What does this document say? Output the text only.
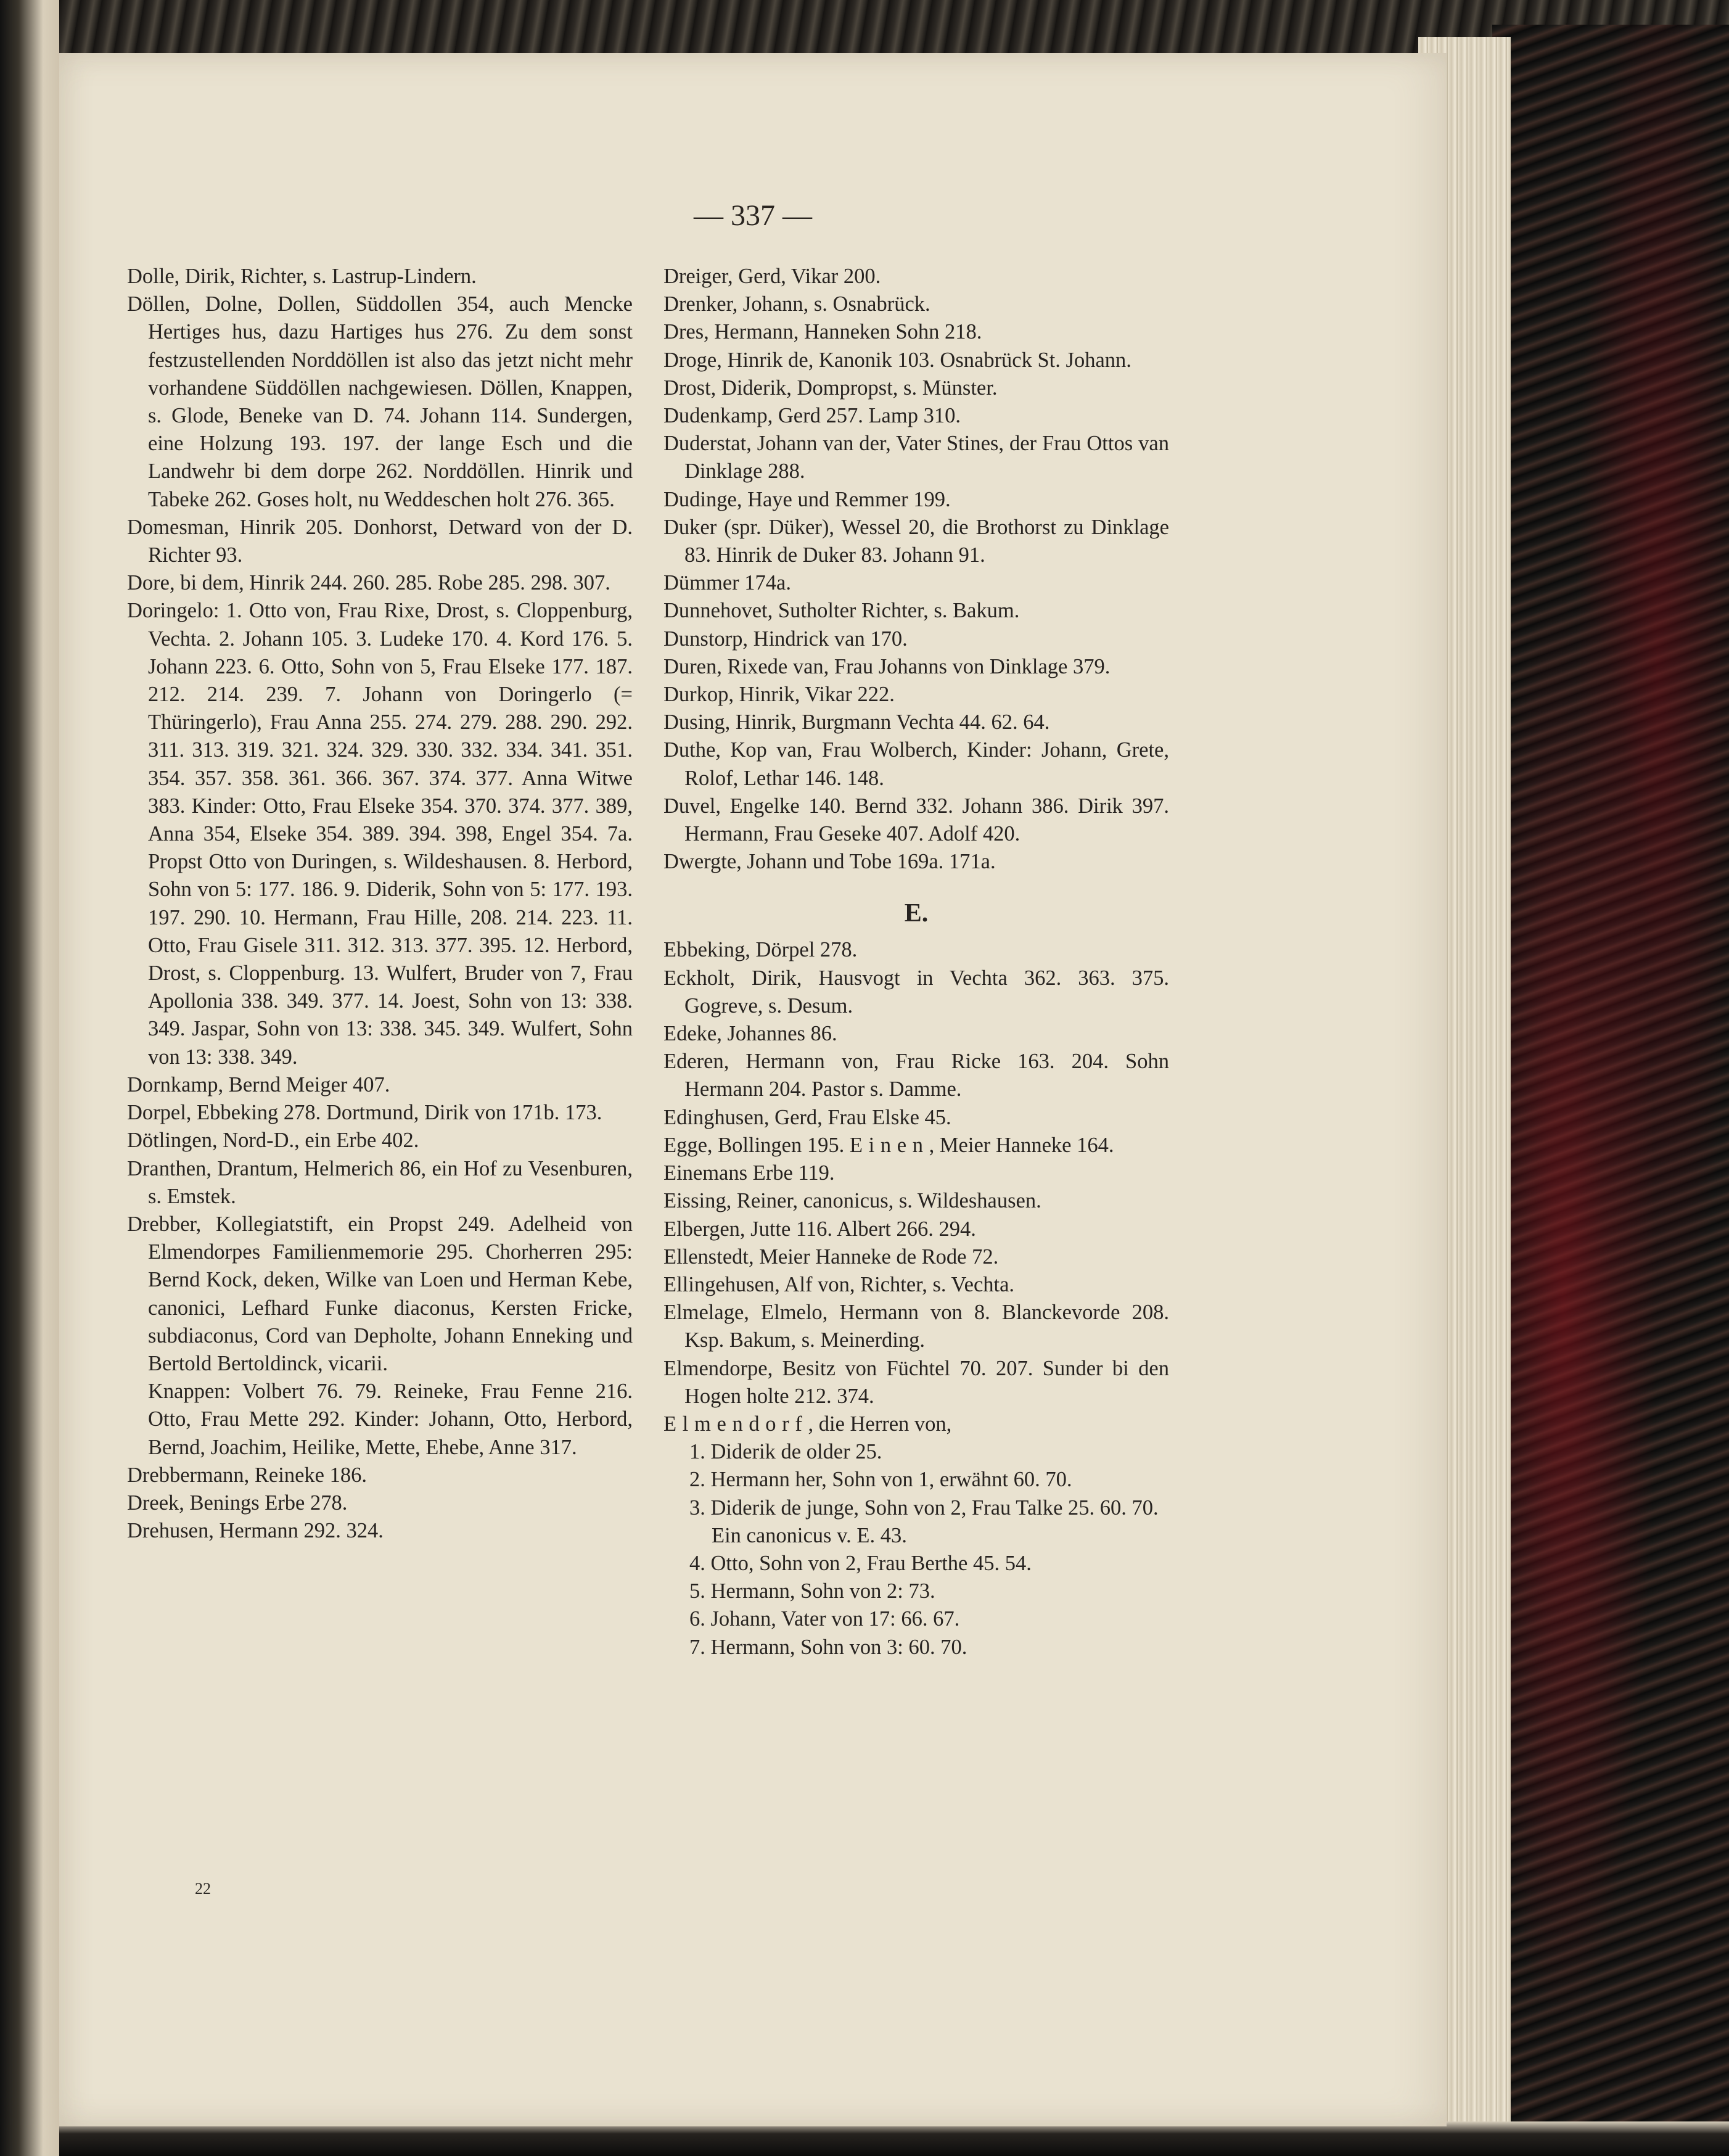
— 337 —
Dolle, Dirik, Richter, s. Lastrup-Lindern.
Döllen, Dolne, Dollen, Süddollen 354, auch Mencke Hertiges hus, dazu Hartiges hus 276. Zu dem sonst festzustellenden Norddöllen ist also das jetzt nicht mehr vorhandene Süddöllen nachgewiesen. Döllen, Knappen, s. Glode, Beneke van D. 74. Johann 114. Sundergen, eine Holzung 193. 197. der lange Esch und die Landwehr bi dem dorpe 262. Norddöllen. Hinrik und Tabeke 262. Goses holt, nu Weddeschen holt 276. 365.
Domesman, Hinrik 205. Donhorst, Detward von der D. Richter 93.
Dore, bi dem, Hinrik 244. 260. 285. Robe 285. 298. 307.
Doringelo: 1. Otto von, Frau Rixe, Drost, s. Cloppenburg, Vechta. 2. Johann 105. 3. Ludeke 170. 4. Kord 176. 5. Johann 223. 6. Otto, Sohn von 5, Frau Elseke 177. 187. 212. 214. 239. 7. Johann von Doringerlo (= Thüringerlo), Frau Anna 255. 274. 279. 288. 290. 292. 311. 313. 319. 321. 324. 329. 330. 332. 334. 341. 351. 354. 357. 358. 361. 366. 367. 374. 377. Anna Witwe 383. Kinder: Otto, Frau Elseke 354. 370. 374. 377. 389, Anna 354, Elseke 354. 389. 394. 398, Engel 354. 7a. Propst Otto von Duringen, s. Wildeshausen. 8. Herbord, Sohn von 5: 177. 186. 9. Diderik, Sohn von 5: 177. 193. 197. 290. 10. Hermann, Frau Hille, 208. 214. 223. 11. Otto, Frau Gisele 311. 312. 313. 377. 395. 12. Herbord, Drost, s. Cloppenburg. 13. Wulfert, Bruder von 7, Frau Apollonia 338. 349. 377. 14. Joest, Sohn von 13: 338. 349. Jaspar, Sohn von 13: 338. 345. 349. Wulfert, Sohn von 13: 338. 349.
Dornkamp, Bernd Meiger 407.
Dorpel, Ebbeking 278. Dortmund, Dirik von 171b. 173.
Dötlingen, Nord-D., ein Erbe 402.
Dranthen, Drantum, Helmerich 86, ein Hof zu Vesenburen, s. Emstek.
Drebber, Kollegiatstift, ein Propst 249. Adelheid von Elmendorpes Familienmemorie 295. Chorherren 295: Bernd Kock, deken, Wilke van Loen und Herman Kebe, canonici, Lefhard Funke diaconus, Kersten Fricke, subdiaconus, Cord van Depholte, Johann Enneking und Bertold Bertoldinck, vicarii.
Knappen: Volbert 76. 79. Reineke, Frau Fenne 216. Otto, Frau Mette 292. Kinder: Johann, Otto, Herbord, Bernd, Joachim, Heilike, Mette, Ehebe, Anne 317.
Drebbermann, Reineke 186.
Dreek, Benings Erbe 278.
Drehusen, Hermann 292. 324.
Dreiger, Gerd, Vikar 200.
Drenker, Johann, s. Osnabrück.
Dres, Hermann, Hanneken Sohn 218.
Droge, Hinrik de, Kanonik 103. Osnabrück St. Johann.
Drost, Diderik, Dompropst, s. Münster.
Dudenkamp, Gerd 257. Lamp 310.
Duderstat, Johann van der, Vater Stines, der Frau Ottos van Dinklage 288.
Dudinge, Haye und Remmer 199.
Duker (spr. Düker), Wessel 20, die Brothorst zu Dinklage 83. Hinrik de Duker 83. Johann 91.
Dümmer 174a.
Dunnehovet, Sutholter Richter, s. Bakum.
Dunstorp, Hindrick van 170.
Duren, Rixede van, Frau Johanns von Dinklage 379.
Durkop, Hinrik, Vikar 222.
Dusing, Hinrik, Burgmann Vechta 44. 62. 64.
Duthe, Kop van, Frau Wolberch, Kinder: Johann, Grete, Rolof, Lethar 146. 148.
Duvel, Engelke 140. Bernd 332. Johann 386. Dirik 397. Hermann, Frau Geseke 407. Adolf 420.
Dwergte, Johann und Tobe 169a. 171a.
E.
Ebbeking, Dörpel 278.
Eckholt, Dirik, Hausvogt in Vechta 362. 363. 375. Gogreve, s. Desum.
Edeke, Johannes 86.
Ederen, Hermann von, Frau Ricke 163. 204. Sohn Hermann 204. Pastor s. Damme.
Edinghusen, Gerd, Frau Elske 45.
Egge, Bollingen 195. Einen, Meier Hanneke 164.
Einemans Erbe 119.
Eissing, Reiner, canonicus, s. Wildeshausen.
Elbergen, Jutte 116. Albert 266. 294.
Ellenstedt, Meier Hanneke de Rode 72.
Ellingehusen, Alf von, Richter, s. Vechta.
Elmelage, Elmelo, Hermann von 8. Blanckevorde 208. Ksp. Bakum, s. Meinerding.
Elmendorpe, Besitz von Füchtel 70. 207. Sunder bi den Hogen holte 212. 374.
Elmendorf, die Herren von,
1. Diderik de older 25.
2. Hermann her, Sohn von 1, erwähnt 60. 70.
3. Diderik de junge, Sohn von 2, Frau Talke 25. 60. 70. Ein canonicus v. E. 43.
4. Otto, Sohn von 2, Frau Berthe 45. 54.
5. Hermann, Sohn von 2: 73.
6. Johann, Vater von 17: 66. 67.
7. Hermann, Sohn von 3: 60. 70.
22
